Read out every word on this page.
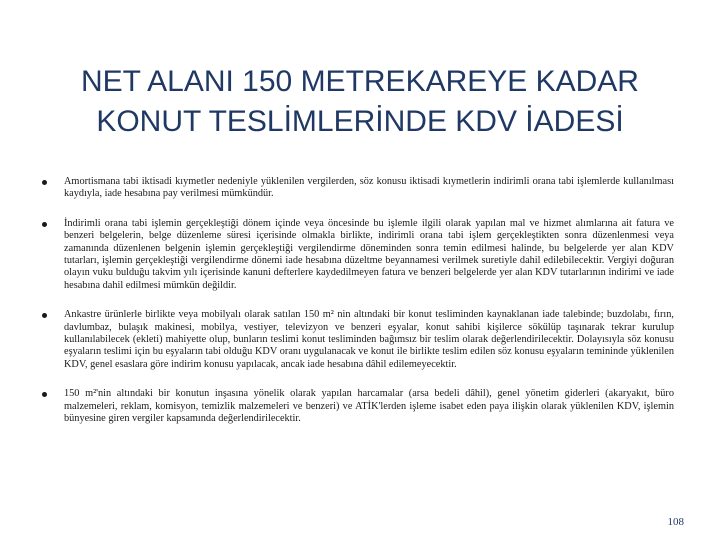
NET ALANI 150 METREKAREYE KADAR
KONUT TESLİMLERİNDE KDV İADESİ
Amortismana tabi iktisadi kıymetler nedeniyle yüklenilen vergilerden, söz konusu iktisadi kıymetlerin indirimli orana tabi işlemlerde kullanılması kaydıyla, iade hesabına pay verilmesi mümkündür.
İndirimli orana tabi işlemin gerçekleştiği dönem içinde veya öncesinde bu işlemle ilgili olarak yapılan mal ve hizmet alımlarına ait fatura ve benzeri belgelerin, belge düzenleme süresi içerisinde olmakla birlikte, indirimli orana tabi işlem gerçekleştikten sonra düzenlenmesi veya zamanında düzenlenen belgenin işlemin gerçekleştiği vergilendirme döneminden sonra temin edilmesi halinde, bu belgelerde yer alan KDV tutarları, işlemin gerçekleştiği vergilendirme dönemi iade hesabına düzeltme beyannamesi verilmek suretiyle dahil edilebilecektir. Vergiyi doğuran olayın vuku bulduğu takvim yılı içerisinde kanuni defterlere kaydedilmeyen fatura ve benzeri belgelerde yer alan KDV tutarlarının indirimi ve iade hesabına dahil edilmesi mümkün değildir.
Ankastre ürünlerle birlikte veya mobilyalı olarak satılan 150 m² nin altındaki bir konut tesliminden kaynaklanan iade talebinde; buzdolabı, fırın, davlumbaz, bulaşık makinesi, mobilya, vestiyer, televizyon ve benzeri eşyalar, konut sahibi kişilerce sökülüp taşınarak tekrar kurulup kullanılabilecek (ekleti) mahiyette olup, bunların teslimi konut tesliminden bağımsız bir teslim olarak değerlendirilecektir. Dolayısıyla söz konusu eşyaların teslimi için bu eşyaların tabi olduğu KDV oranı uygulanacak ve konut ile birlikte teslim edilen söz konusu eşyaların temininde yüklenilen KDV, genel esaslara göre indirim konusu yapılacak, ancak iade hesabına dâhil edilemeyecektir.
150 m²'nin altındaki bir konutun inşasına yönelik olarak yapılan harcamalar (arsa bedeli dâhil), genel yönetim giderleri (akaryakıt, büro malzemeleri, reklam, komisyon, temizlik malzemeleri ve benzeri) ve ATİK'lerden işleme isabet eden paya ilişkin olarak yüklenilen KDV, işlemin bünyesine giren vergiler kapsamında değerlendirilecektir.
108
